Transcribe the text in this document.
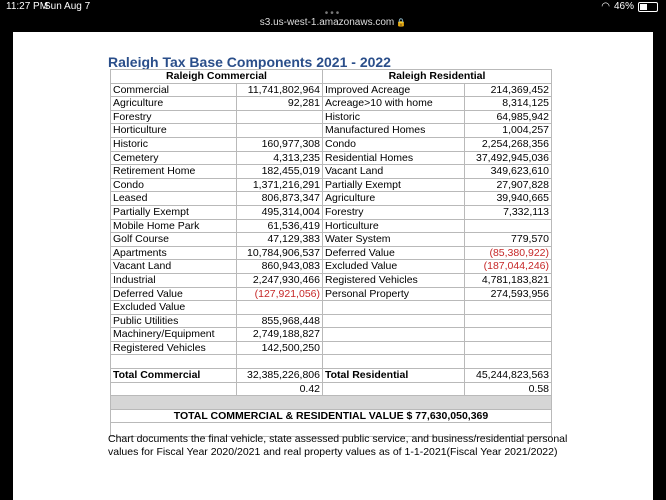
11:27 PM
Sun Aug 7	◠ 46%
•••
s3.us-west-1.amazonaws.com 🔒
Raleigh Tax Base Components 2021 - 2022
Raleigh Commercial		Raleigh Residential	
Commercial	11,741,802,964	Improved Acreage	214,369,452
Agriculture	92,281	Acreage>10 with home	8,314,125
Forestry		Historic	64,985,942
Horticulture		Manufactured Homes	1,004,257
Historic	160,977,308	Condo	2,254,268,356
Cemetery	4,313,235	Residential Homes	37,492,945,036
Retirement Home	182,455,019	Vacant Land	349,623,610
Condo	1,371,216,291	Partially Exempt	27,907,828
Leased	806,873,347	Agriculture	39,940,665
Partially Exempt	495,314,004	Forestry	7,332,113
Mobile Home Park	61,536,419	Horticulture	
Golf Course	47,129,383	Water System	779,570
Apartments	10,784,906,537	Deferred Value	(85,380,922)
Vacant Land	860,943,083	Excluded Value	(187,044,246)
Industrial	2,247,930,466	Registered Vehicles	4,781,183,821
Deferred Value	(127,921,056)	Personal Property	274,593,956
Excluded Value			
Public Utilities	855,968,448		
Machinery/Equipment	2,749,188,827		
Registered Vehicles	142,500,250		

Total Commercial	32,385,226,806	Total Residential	45,244,823,563
	0.42		0.58

TOTAL COMMERCIAL & RESIDENTIAL VALUE $ 77,630,050,369			

Chart documents the final vehicle, state assessed public service, and business/residential personal values for Fiscal Year 2020/2021 and real property values as of 1-1-2021(Fiscal Year 2021/2022)
